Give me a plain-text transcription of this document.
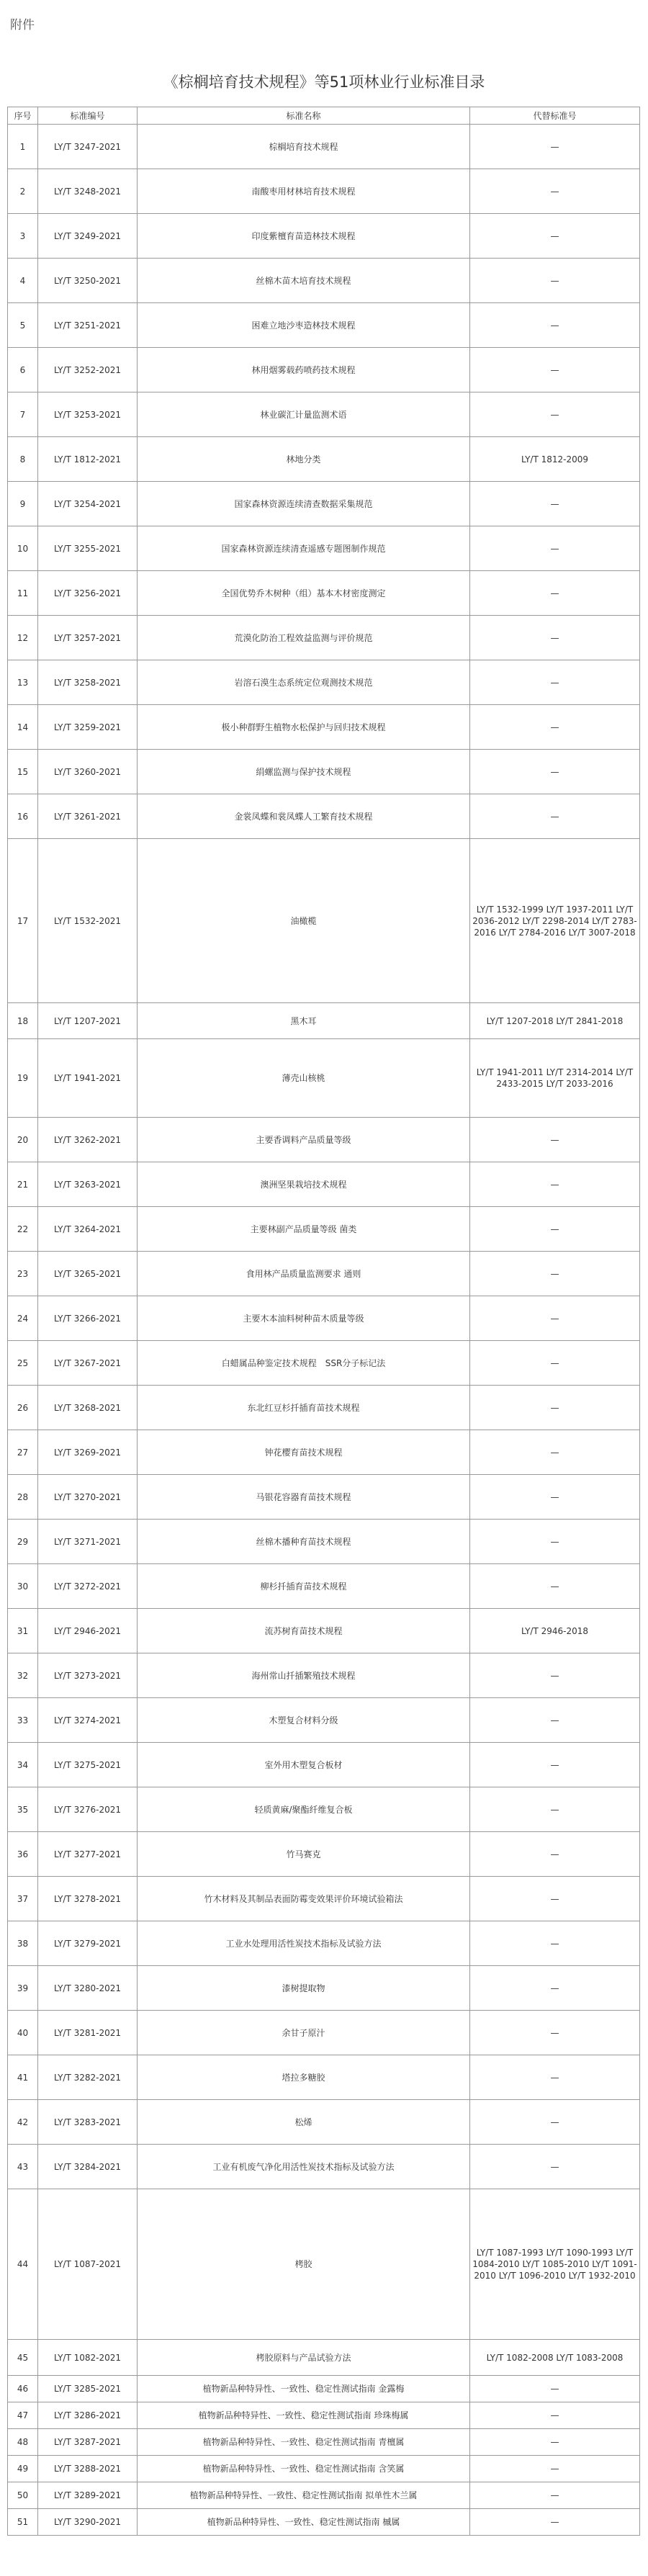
附件
《棕榈培育技术规程》等51项林业行业标准目录
序号	标准编号	标准名称	代替标准号
1	LY/T 3247-2021	棕榈培育技术规程	—
2	LY/T 3248-2021	南酸枣用材林培育技术规程	—
3	LY/T 3249-2021	印度紫檀育苗造林技术规程	—
4	LY/T 3250-2021	丝棉木苗木培育技术规程	—
5	LY/T 3251-2021	困难立地沙枣造林技术规程	—
6	LY/T 3252-2021	林用烟雾载药喷药技术规程	—
7	LY/T 3253-2021	林业碳汇计量监测术语	—
8	LY/T 1812-2021	林地分类	LY/T 1812-2009
9	LY/T 3254-2021	国家森林资源连续清查数据采集规范	—
10	LY/T 3255-2021	国家森林资源连续清查遥感专题图制作规范	—
11	LY/T 3256-2021	全国优势乔木树种（组）基本木材密度测定	—
12	LY/T 3257-2021	荒漠化防治工程效益监测与评价规范	—
13	LY/T 3258-2021	岩溶石漠生态系统定位观测技术规范	—
14	LY/T 3259-2021	极小种群野生植物水松保护与回归技术规程	—
15	LY/T 3260-2021	绢螺监测与保护技术规程	—
16	LY/T 3261-2021	金裳凤蝶和裳凤蝶人工繁育技术规程	—
17	LY/T 1532-2021	油橄榄	LY/T 1532-1999 LY/T 1937-2011 LY/T 2036-2012 LY/T 2298-2014 LY/T 2783-2016 LY/T 2784-2016 LY/T 3007-2018
18	LY/T 1207-2021	黑木耳	LY/T 1207-2018 LY/T 2841-2018
19	LY/T 1941-2021	薄壳山核桃	LY/T 1941-2011 LY/T 2314-2014 LY/T 2433-2015 LY/T 2033-2016
20	LY/T 3262-2021	主要香调料产品质量等级	—
21	LY/T 3263-2021	澳洲坚果栽培技术规程	—
22	LY/T 3264-2021	主要林副产品质量等级 菌类	—
23	LY/T 3265-2021	食用林产品质量监测要求 通则	—
24	LY/T 3266-2021	主要木本油料树种苗木质量等级	—
25	LY/T 3267-2021	白蜡属品种鉴定技术规程　SSR分子标记法	—
26	LY/T 3268-2021	东北红豆杉扦插育苗技术规程	—
27	LY/T 3269-2021	钟花樱育苗技术规程	—
28	LY/T 3270-2021	马银花容器育苗技术规程	—
29	LY/T 3271-2021	丝棉木播种育苗技术规程	—
30	LY/T 3272-2021	柳杉扦插育苗技术规程	—
31	LY/T 2946-2021	流苏树育苗技术规程	LY/T 2946-2018
32	LY/T 3273-2021	海州常山扦插繁殖技术规程	—
33	LY/T 3274-2021	木塑复合材料分级	—
34	LY/T 3275-2021	室外用木塑复合板材	—
35	LY/T 3276-2021	轻质黄麻/聚酯纤维复合板	—
36	LY/T 3277-2021	竹马赛克	—
37	LY/T 3278-2021	竹木材料及其制品表面防霉变效果评价环境试验箱法	—
38	LY/T 3279-2021	工业水处理用活性炭技术指标及试验方法	—
39	LY/T 3280-2021	漆树提取物	—
40	LY/T 3281-2021	余甘子原汁	—
41	LY/T 3282-2021	塔拉多糖胶	—
42	LY/T 3283-2021	松烯	—
43	LY/T 3284-2021	工业有机废气净化用活性炭技术指标及试验方法	—
44	LY/T 1087-2021	栲胶	LY/T 1087-1993 LY/T 1090-1993 LY/T 1084-2010 LY/T 1085-2010 LY/T 1091-2010 LY/T 1096-2010 LY/T 1932-2010
45	LY/T 1082-2021	栲胶原料与产品试验方法	LY/T 1082-2008 LY/T 1083-2008
46	LY/T 3285-2021	植物新品种特异性、一致性、稳定性测试指南 金露梅	—
47	LY/T 3286-2021	植物新品种特异性、一致性、稳定性测试指南 珍珠梅属	—
48	LY/T 3287-2021	植物新品种特异性、一致性、稳定性测试指南 青檀属	—
49	LY/T 3288-2021	植物新品种特异性、一致性、稳定性测试指南 含笑属	—
50	LY/T 3289-2021	植物新品种特异性、一致性、稳定性测试指南 拟单性木兰属	—
51	LY/T 3290-2021	植物新品种特异性、一致性、稳定性测试指南 槭属	—
